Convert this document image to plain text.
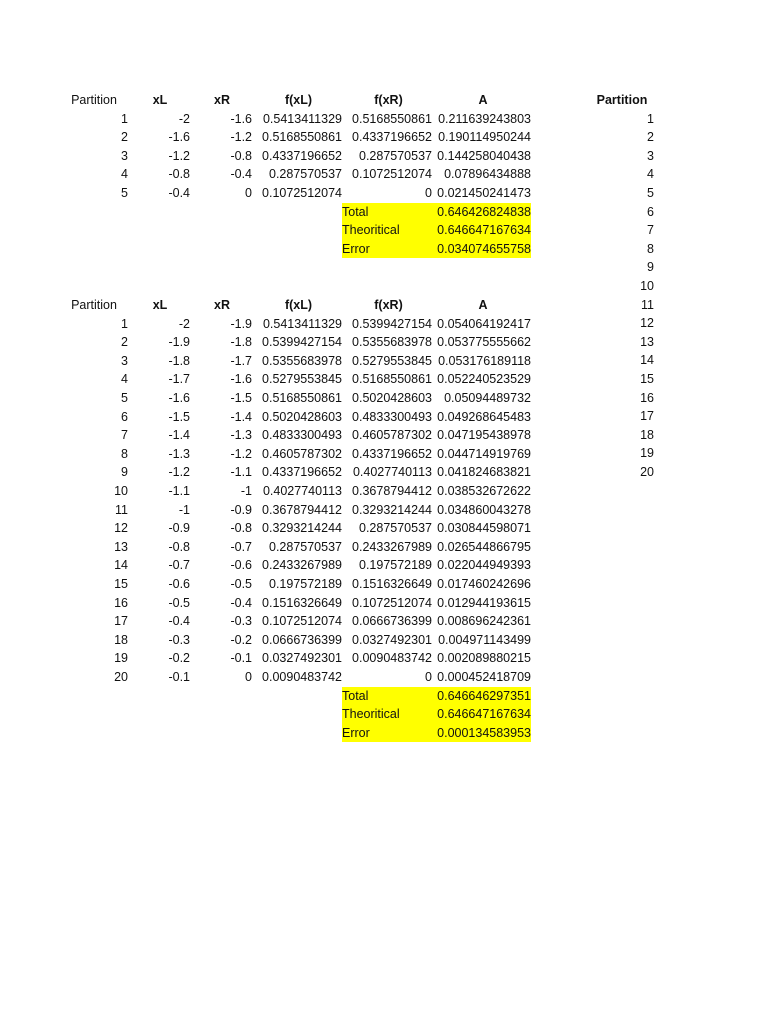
Partition	xL	xR	f(xL)	f(xR)	A
1	-2	-1.6 0.5413411329 0.5168550861 0.211639243803
2	-1.6	-1.2 0.5168550861 0.4337196652 0.190114950244
3	-1.2	-0.8 0.4337196652	0.287570537 0.144258040438
4	-0.8	-0.4	0.287570537 0.1072512074 0.07896434888
5	-0.4	0 0.1072512074	0 0.021450241473
Total	0.646426824838
Theoritical	0.646647167634
Error	0.034074655758
Partition	xL	xR	f(xL)	f(xR)	A
1	-2	-1.9 0.5413411329 0.5399427154 0.054064192417
2	-1.9	-1.8 0.5399427154 0.5355683978 0.053775555662
3	-1.8	-1.7 0.5355683978 0.5279553845 0.053176189118
4	-1.7	-1.6 0.5279553845 0.5168550861 0.052240523529
5	-1.6	-1.5 0.5168550861 0.5020428603 0.05094489732
6	-1.5	-1.4 0.5020428603 0.4833300493 0.049268645483
7	-1.4	-1.3 0.4833300493 0.4605787302 0.047195438978
8	-1.3	-1.2 0.4605787302 0.4337196652 0.044714919769
9	-1.2	-1.1 0.4337196652 0.4027740113 0.041824683821
10	-1.1	-1 0.4027740113 0.3678794412 0.038532672622
11	-1	-0.9 0.3678794412 0.3293214244 0.034860043278
12	-0.9	-0.8 0.3293214244	0.287570537 0.030844598071
13	-0.8	-0.7	0.287570537 0.2433267989 0.026544866795
14	-0.7	-0.6 0.2433267989	0.197572189 0.022044949393
15	-0.6	-0.5	0.197572189 0.1516326649 0.017460242696
16	-0.5	-0.4 0.1516326649 0.1072512074 0.012944193615
17	-0.4	-0.3 0.1072512074 0.0666736399 0.008696242361
18	-0.3	-0.2 0.0666736399 0.0327492301 0.004971143499
19	-0.2	-0.1 0.0327492301 0.0090483742 0.002089880215
20	-0.1	0 0.0090483742	0 0.000452418709
Total	0.646646297351
Theoritical	0.646647167634
Error	0.000134583953
Partition
1
2
3
4
5
6
7
8
9
10
11
12
13
14
15
16
17
18
19
20
